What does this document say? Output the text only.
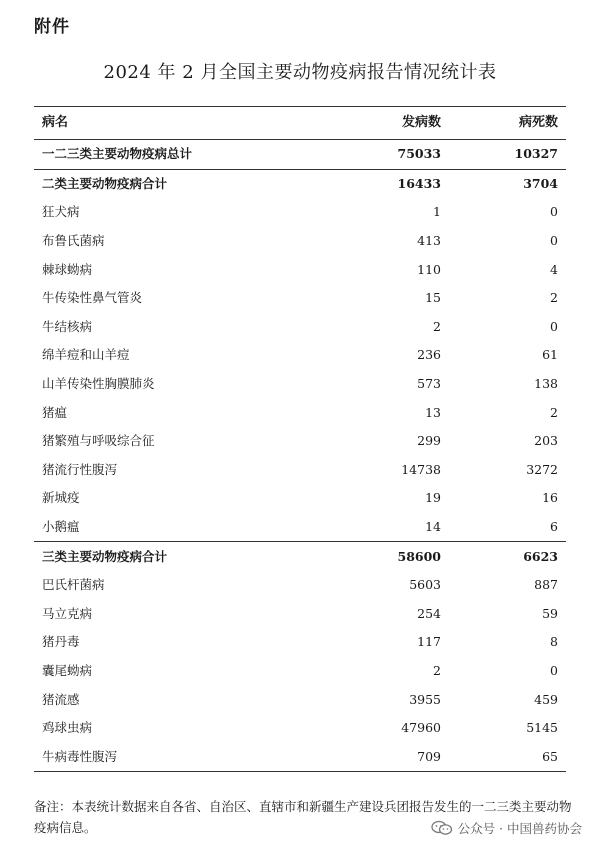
附件
2024 年 2 月全国主要动物疫病报告情况统计表
病名	发病数	病死数
一二三类主要动物疫病总计	75033	10327
二类主要动物疫病合计	16433	3704
狂犬病	1	0
布鲁氏菌病	413	0
棘球蚴病	110	4
牛传染性鼻气管炎	15	2
牛结核病	2	0
绵羊痘和山羊痘	236	61
山羊传染性胸膜肺炎	573	138
猪瘟	13	2
猪繁殖与呼吸综合征	299	203
猪流行性腹泻	14738	3272
新城疫	19	16
小鹅瘟	14	6
三类主要动物疫病合计	58600	6623
巴氏杆菌病	5603	887
马立克病	254	59
猪丹毒	117	8
囊尾蚴病	2	0
猪流感	3955	459
鸡球虫病	47960	5145
牛病毒性腹泻	709	65
备注：本表统计数据来自各省、自治区、直辖市和新疆生产建设兵团报告发生的一二三类主要动物疫病信息。	公众号 · 中国兽药协会
